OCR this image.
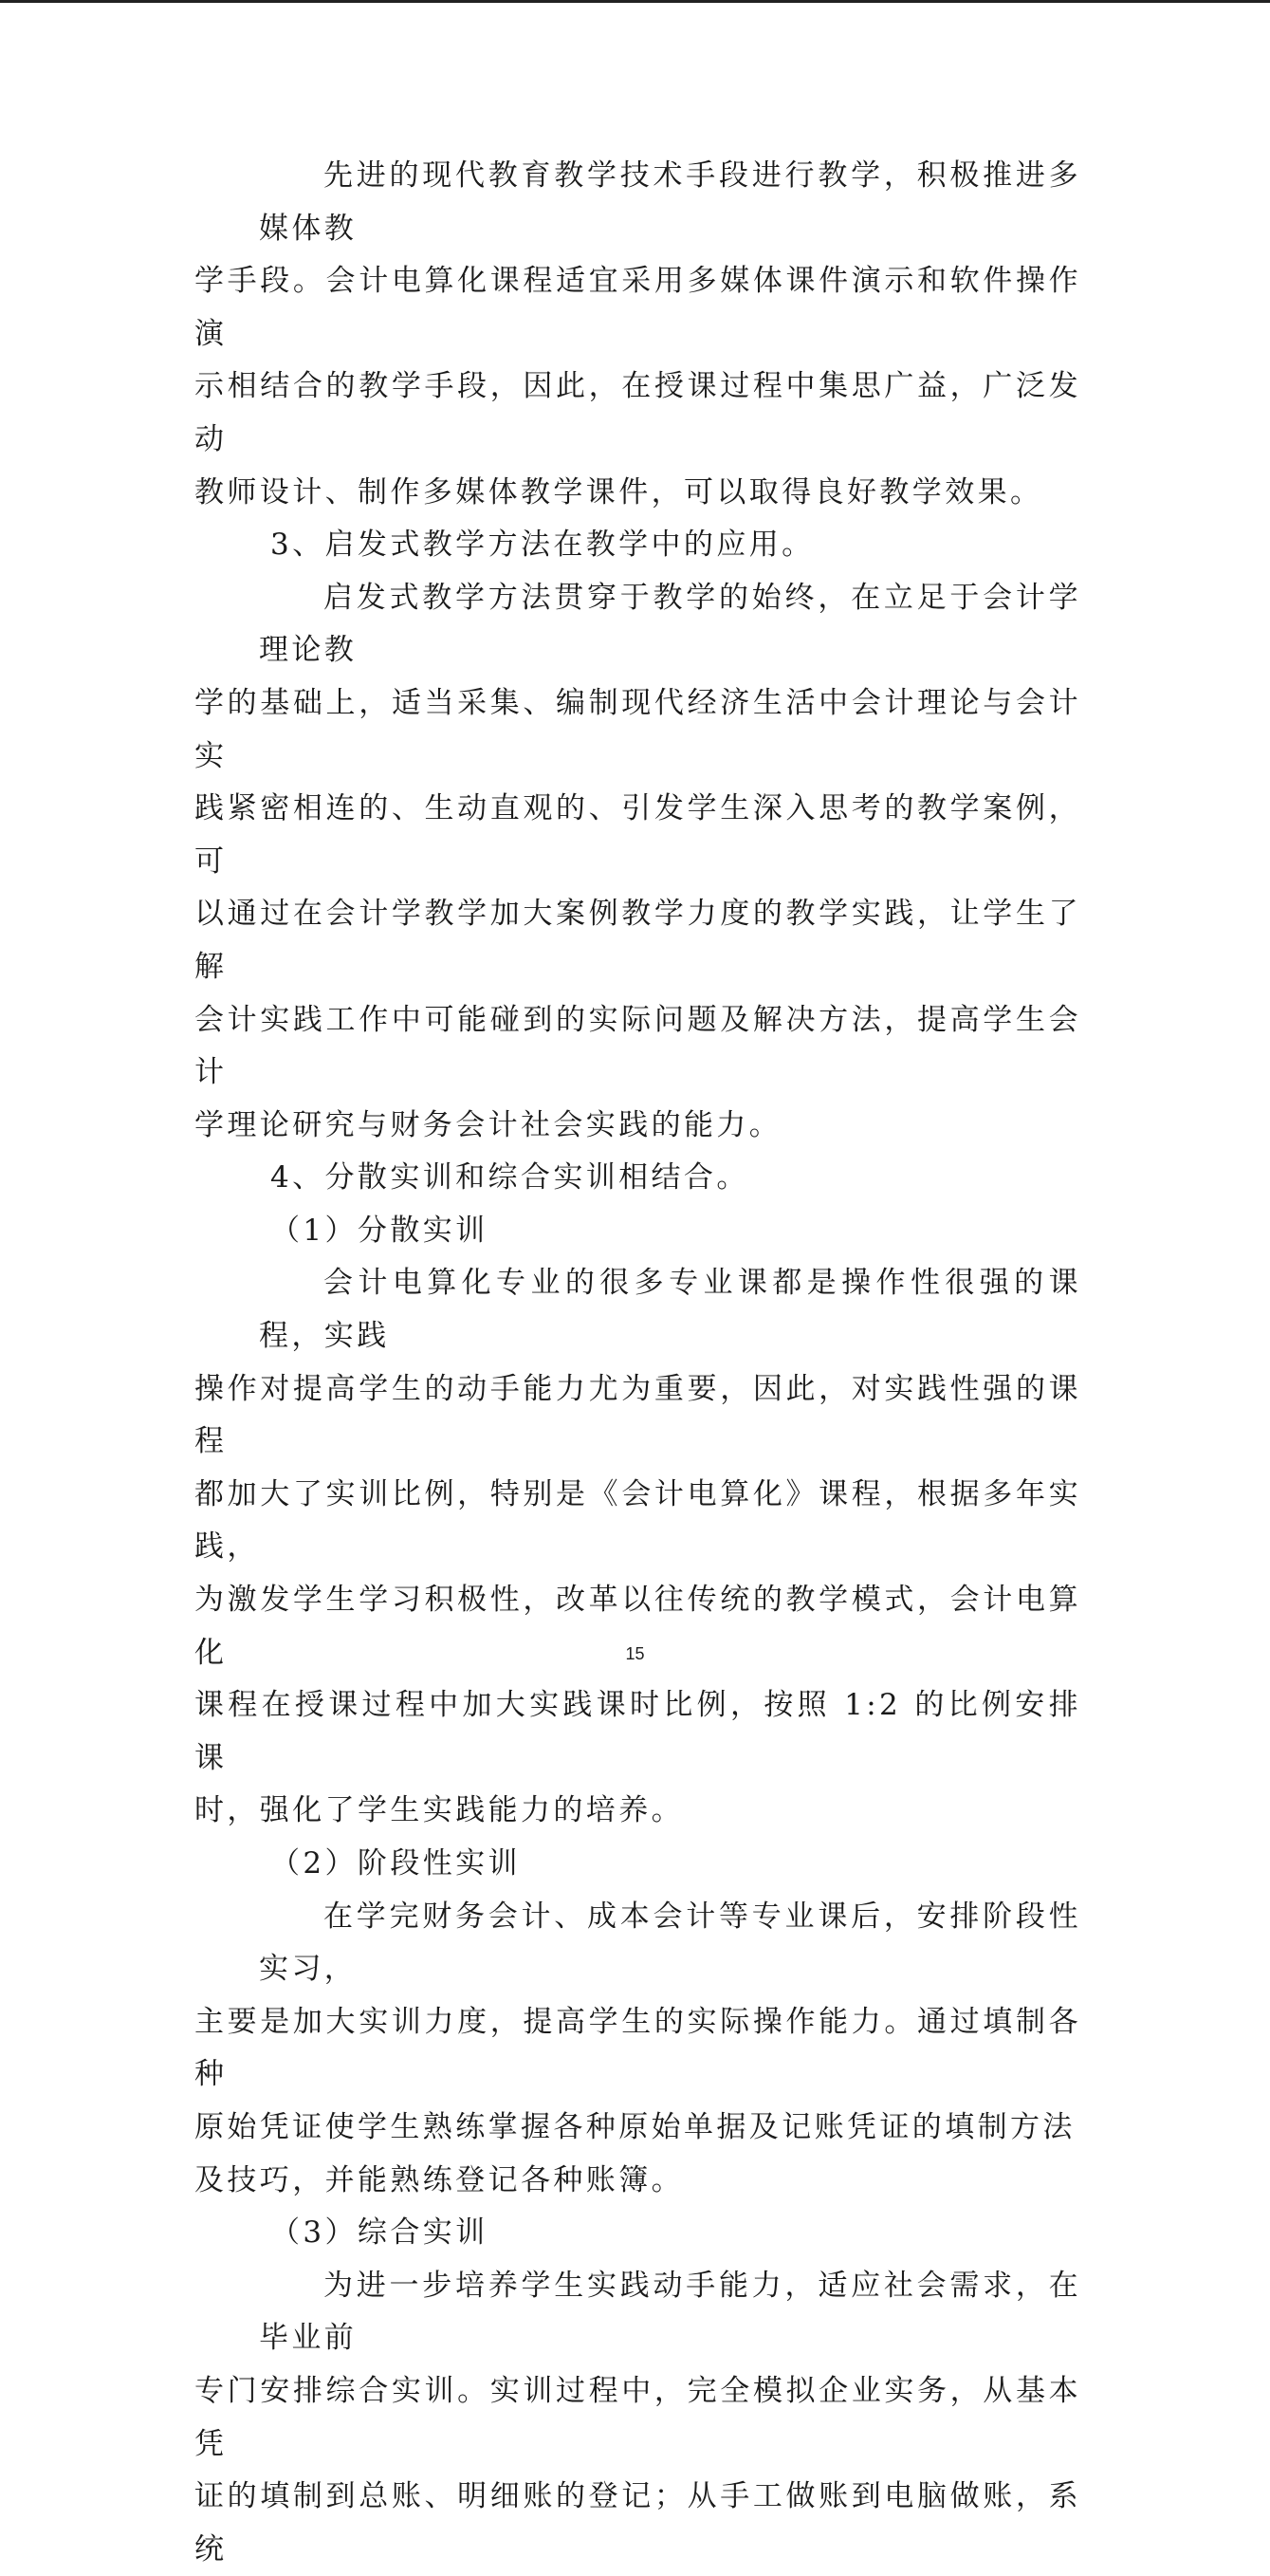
先进的现代教育教学技术手段进行教学，积极推进多媒体教
学手段。会计电算化课程适宜采用多媒体课件演示和软件操作演
示相结合的教学手段，因此，在授课过程中集思广益，广泛发动
教师设计、制作多媒体教学课件，可以取得良好教学效果。
3、启发式教学方法在教学中的应用。
启发式教学方法贯穿于教学的始终，在立足于会计学理论教
学的基础上，适当采集、编制现代经济生活中会计理论与会计实
践紧密相连的、生动直观的、引发学生深入思考的教学案例，可
以通过在会计学教学加大案例教学力度的教学实践，让学生了解
会计实践工作中可能碰到的实际问题及解决方法，提高学生会计
学理论研究与财务会计社会实践的能力。
4、分散实训和综合实训相结合。
（1）分散实训
会计电算化专业的很多专业课都是操作性很强的课程，实践
操作对提高学生的动手能力尤为重要，因此，对实践性强的课程
都加大了实训比例，特别是《会计电算化》课程，根据多年实践，
为激发学生学习积极性，改革以往传统的教学模式，会计电算化
课程在授课过程中加大实践课时比例，按照 1:2 的比例安排课
时，强化了学生实践能力的培养。
（2）阶段性实训
在学完财务会计、成本会计等专业课后，安排阶段性实习，
主要是加大实训力度，提高学生的实际操作能力。通过填制各种
原始凭证使学生熟练掌握各种原始单据及记账凭证的填制方法
及技巧，并能熟练登记各种账簿。
（3）综合实训
为进一步培养学生实践动手能力，适应社会需求，在毕业前
专门安排综合实训。实训过程中，完全模拟企业实务，从基本凭
证的填制到总账、明细账的登记；从手工做账到电脑做账，系统
15
